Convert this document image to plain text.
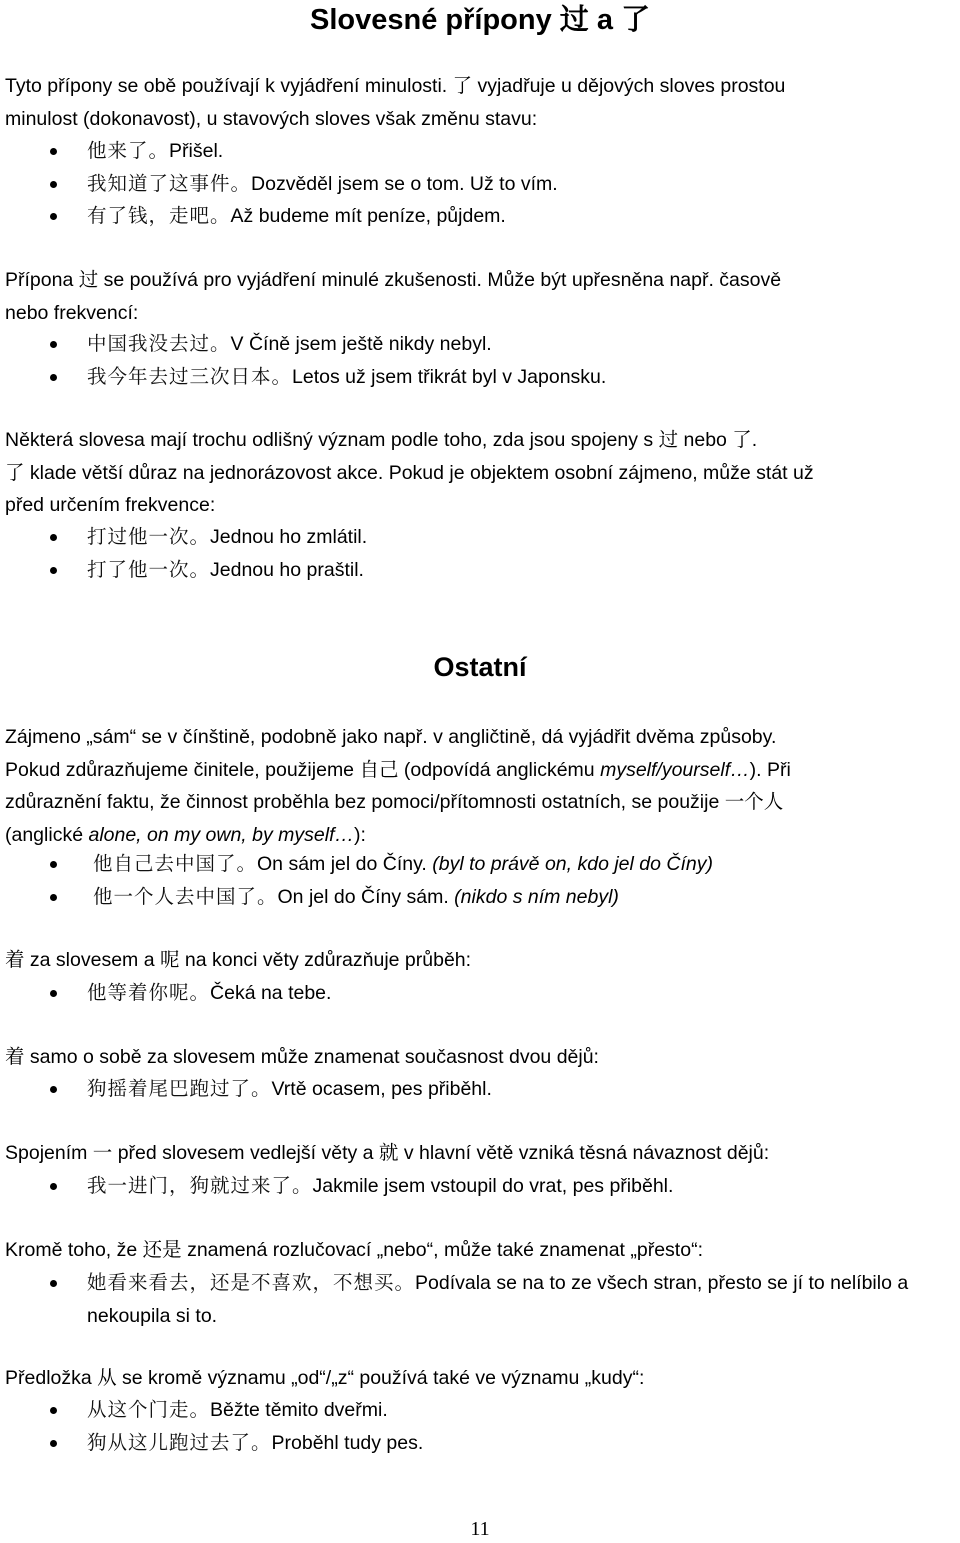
Slovesné přípony 过 a 了

Tyto přípony se obě používají k vyjádření minulosti. 了 vyjadřuje u dějových sloves prostou
minulost (dokonavost), u stavových sloves však změnu stavu:

他来了。Přišel.
我知道了这事件。Dozvěděl jsem se o tom. Už to vím.
有了钱，走吧。Až budeme mít peníze, půjdem.

Přípona 过 se používá pro vyjádření minulé zkušenosti. Může být upřesněna např. časově
nebo frekvencí:

中国我没去过。V Číně jsem ještě nikdy nebyl.
我今年去过三次日本。Letos už jsem třikrát byl v Japonsku.

Některá slovesa mají trochu odlišný význam podle toho, zda jsou spojeny s 过 nebo 了.
了 klade větší důraz na jednorázovost akce. Pokud je objektem osobní zájmeno, může stát už
před určením frekvence:

打过他一次。Jednou ho zmlátil.
打了他一次。Jednou ho praštil.
Ostatní

Zájmeno „sám“ se v čínštině, podobně jako např. v angličtině, dá vyjádřit dvěma způsoby.
Pokud zdůrazňujeme činitele, použijeme 自己 (odpovídá anglickému myself/yourself…). Při
zdůraznění faktu, že činnost proběhla bez pomoci/přítomnosti ostatních, se použije 一个人
(anglické alone, on my own, by myself…):

他自己去中国了。On sám jel do Číny. (byl to právě on, kdo jel do Číny)
他一个人去中国了。On jel do Číny sám. (nikdo s ním nebyl)

着 za slovesem a 呢 na konci věty zdůrazňuje průběh:

他等着你呢。Čeká na tebe.

着 samo o sobě za slovesem může znamenat současnost dvou dějů:

狗摇着尾巴跑过了。Vrtě ocasem, pes přiběhl.

Spojením 一 před slovesem vedlejší věty a 就 v hlavní větě vzniká těsná návaznost dějů:

我一进门，狗就过来了。Jakmile jsem vstoupil do vrat, pes přiběhl.

Kromě toho, že 还是 znamená rozlučovací „nebo“, může také znamenat „přesto“:

她看来看去，还是不喜欢，不想买。Podívala se na to ze všech stran, přesto se jí to nelíbilo a nekoupila si to.

Předložka 从 se kromě významu „od“/„z“ používá také ve významu „kudy“:

从这个门走。Běžte těmito dveřmi.
狗从这儿跑过去了。Proběhl tudy pes.
11
